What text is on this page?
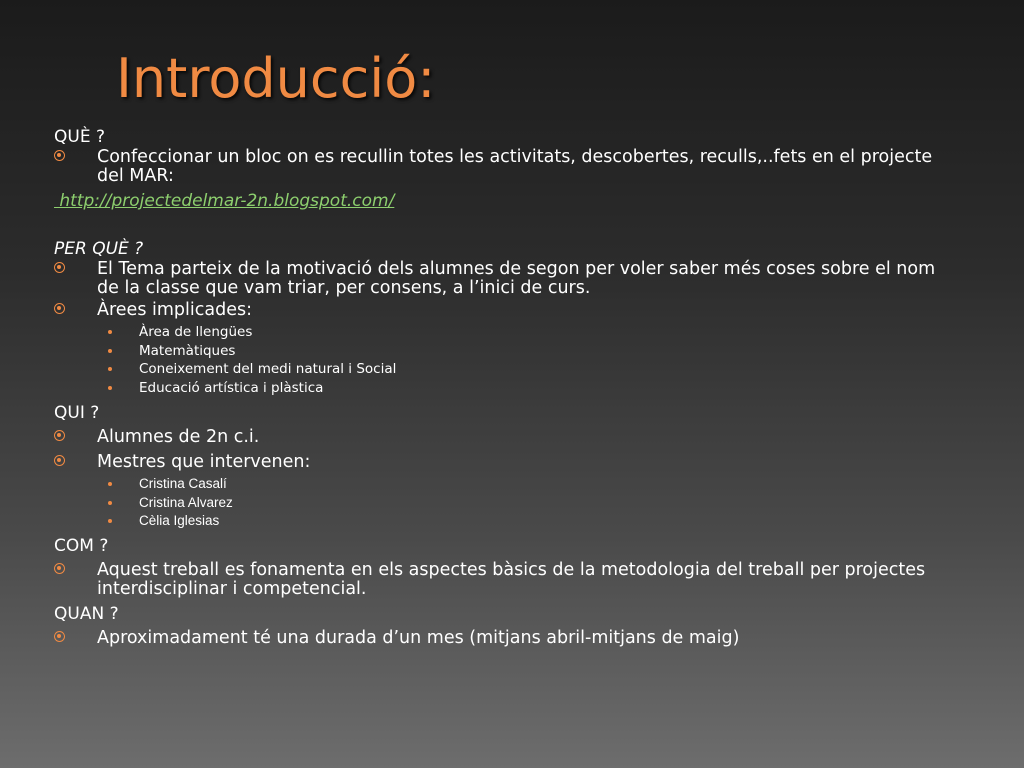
Introducció:

QUÈ ?

Confeccionar un bloc on es recullin totes les activitats, descobertes, reculls,..fets en el projecte del MAR:
http://projectedelmar-2n.blogspot.com/

PER QUÈ ?

El Tema parteix de la motivació dels alumnes de segon per voler saber més coses sobre el nom de la classe que vam triar, per consens, a l’inici de curs.
Àrees implicades:
Àrea de llengües
Matemàtiques
Coneixement del medi natural i Social
Educació artística i plàstica

QUI ?

Alumnes de 2n c.i.
Mestres que intervenen:
Cristina Casalí
Cristina Alvarez
Cèlia Iglesias

COM ?

Aquest treball es fonamenta en els aspectes bàsics de la metodologia del treball per projectes interdisciplinar i competencial.

QUAN ?

Aproximadament té una durada d’un mes (mitjans abril-mitjans de maig)
